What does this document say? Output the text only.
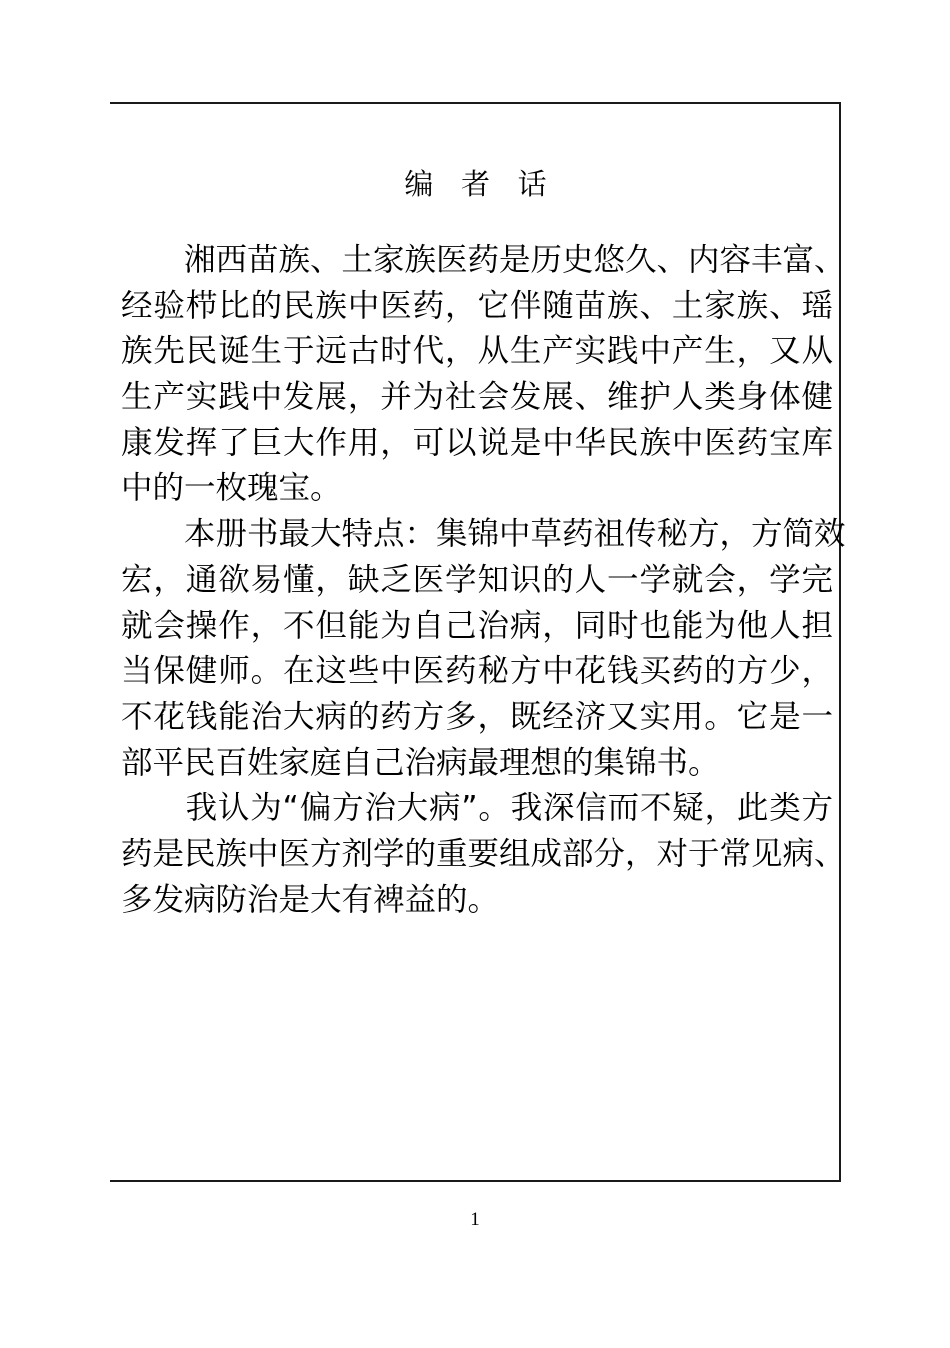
编   者   话
　　湘西苗族、土家族医药是历史悠久、内容丰富、
经验栉比的民族中医药，它伴随苗族、土家族、瑶
族先民诞生于远古时代，从生产实践中产生，又从
生产实践中发展，并为社会发展、维护人类身体健
康发挥了巨大作用，可以说是中华民族中医药宝库
中的一枚瑰宝。
　　本册书最大特点：集锦中草药祖传秘方，方简效
宏，通欲易懂，缺乏医学知识的人一学就会，学完
就会操作，不但能为自己治病，同时也能为他人担
当保健师。在这些中医药秘方中花钱买药的方少，
不花钱能治大病的药方多，既经济又实用。它是一
部平民百姓家庭自己治病最理想的集锦书。
　　我认为“偏方治大病”。我深信而不疑，此类方
药是民族中医方剂学的重要组成部分，对于常见病、
多发病防治是大有裨益的。
1
